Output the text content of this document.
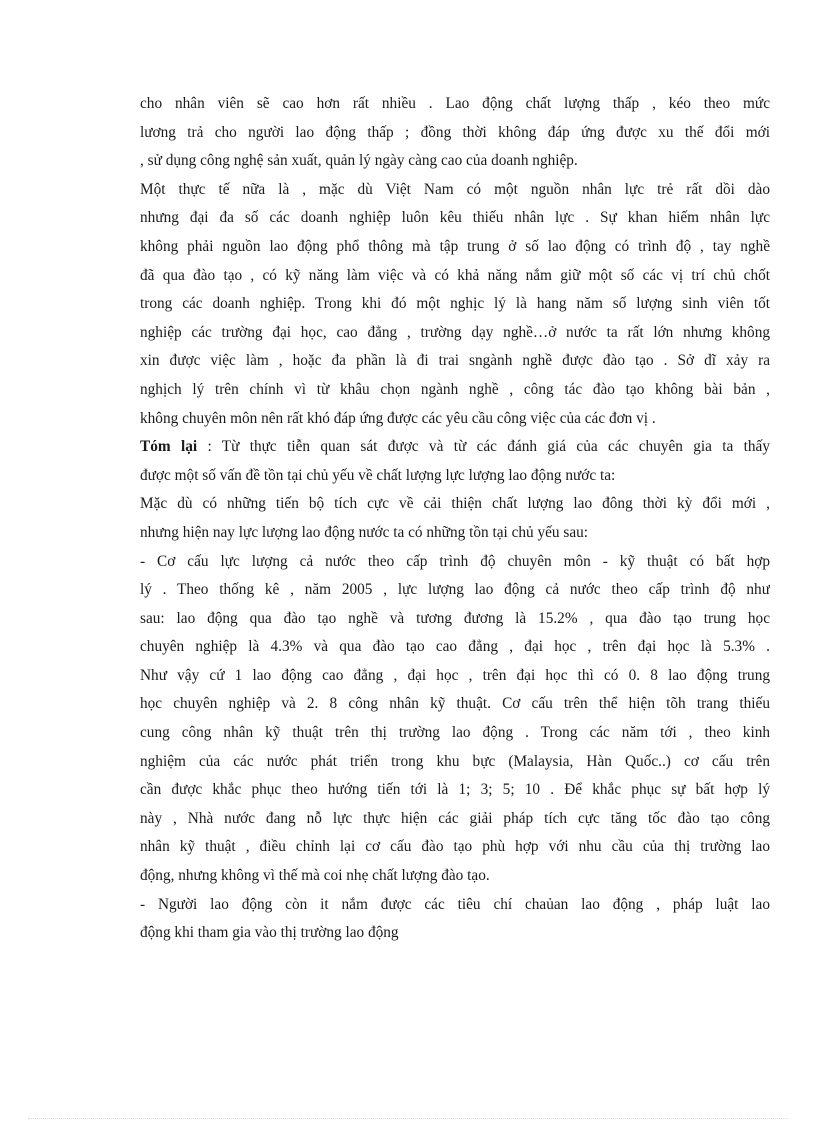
cho nhân viên sẽ cao hơn rất nhiều . Lao động chất lượng thấp , kéo theo mức
lương trả cho người lao động thấp ; đồng thời không đáp ứng được xu thế đổi mới
, sử dụng công nghệ sản xuất, quản lý ngày càng cao của doanh nghiệp.
Một thực tế nữa là , mặc dù Việt Nam có một nguồn nhân lực trẻ rất dồi dào
nhưng đại đa số các doanh nghiệp luôn kêu thiếu nhân lực . Sự khan hiếm nhân lực
không phải nguồn lao động phổ thông mà tập trung ở số lao động có trình độ , tay nghề
đã qua đào tạo , có kỹ năng làm việc và có khả năng nắm giữ một số các vị trí chủ chốt
trong các doanh nghiệp. Trong khi đó một nghịc lý là hang năm số lượng sinh viên tốt
nghiệp các trường đại học, cao đẳng , trường dạy nghề…ở nước ta rất lớn nhưng không
xin được việc làm , hoặc đa phần là đi trai sngành nghề được đào tạo . Sở dĩ xảy ra
nghịch lý trên chính vì từ khâu chọn ngành nghề , công tác đào tạo không bài bản ,
không chuyên môn nên rất khó đáp ứng được các yêu cầu công việc của các đơn vị .
Tóm lại : Từ thực tiễn quan sát được và từ các đánh giá của các chuyên gia ta thấy
được một số vấn đề tồn tại chủ yếu về chất lượng lực lượng lao động nước ta:
Mặc dù có những tiến bộ tích cực về cải thiện chất lượng lao đông thời kỳ đổi mới ,
nhưng hiện nay lực lượng lao động nước ta có những tồn tại chủ yếu sau:
- Cơ cấu lực lượng cả nước theo cấp trình độ chuyên môn - kỹ thuật có bất hợp
lý . Theo thống kê , năm 2005 , lực lượng lao động cả nước theo cấp trình độ như
sau: lao động qua đào tạo nghề và tương đương là 15.2% , qua đào tạo trung học
chuyên nghiệp là 4.3% và qua đào tạo cao đẳng , đại học , trên đại học là 5.3% .
Như vậy cứ 1 lao động cao đẳng , đại học , trên đại học thì có 0. 8 lao động trung
học chuyên nghiệp và 2. 8 công nhân kỹ thuật. Cơ cấu trên thể hiện tõh trang thiếu
cung công nhân kỹ thuật trên thị trường lao động . Trong các năm tới , theo kinh
nghiệm của các nước phát triển trong khu bực (Malaysia, Hàn Quốc..) cơ cấu trên
cần được khắc phục theo hướng tiến tới là 1; 3; 5; 10 . Để khắc phục sự bất hợp lý
này , Nhà nước đang nỗ lực thực hiện các giải pháp tích cực tăng tốc đào tạo công
nhân kỹ thuật , điều chỉnh lại cơ cấu đào tạo phù hợp với nhu cầu của thị trường lao
động, nhưng không vì thế mà coi nhẹ chất lượng đào tạo.
- Người lao động còn it nắm được các tiêu chí chaủan lao động , pháp luật lao
động khi tham gia vào thị trường lao động
